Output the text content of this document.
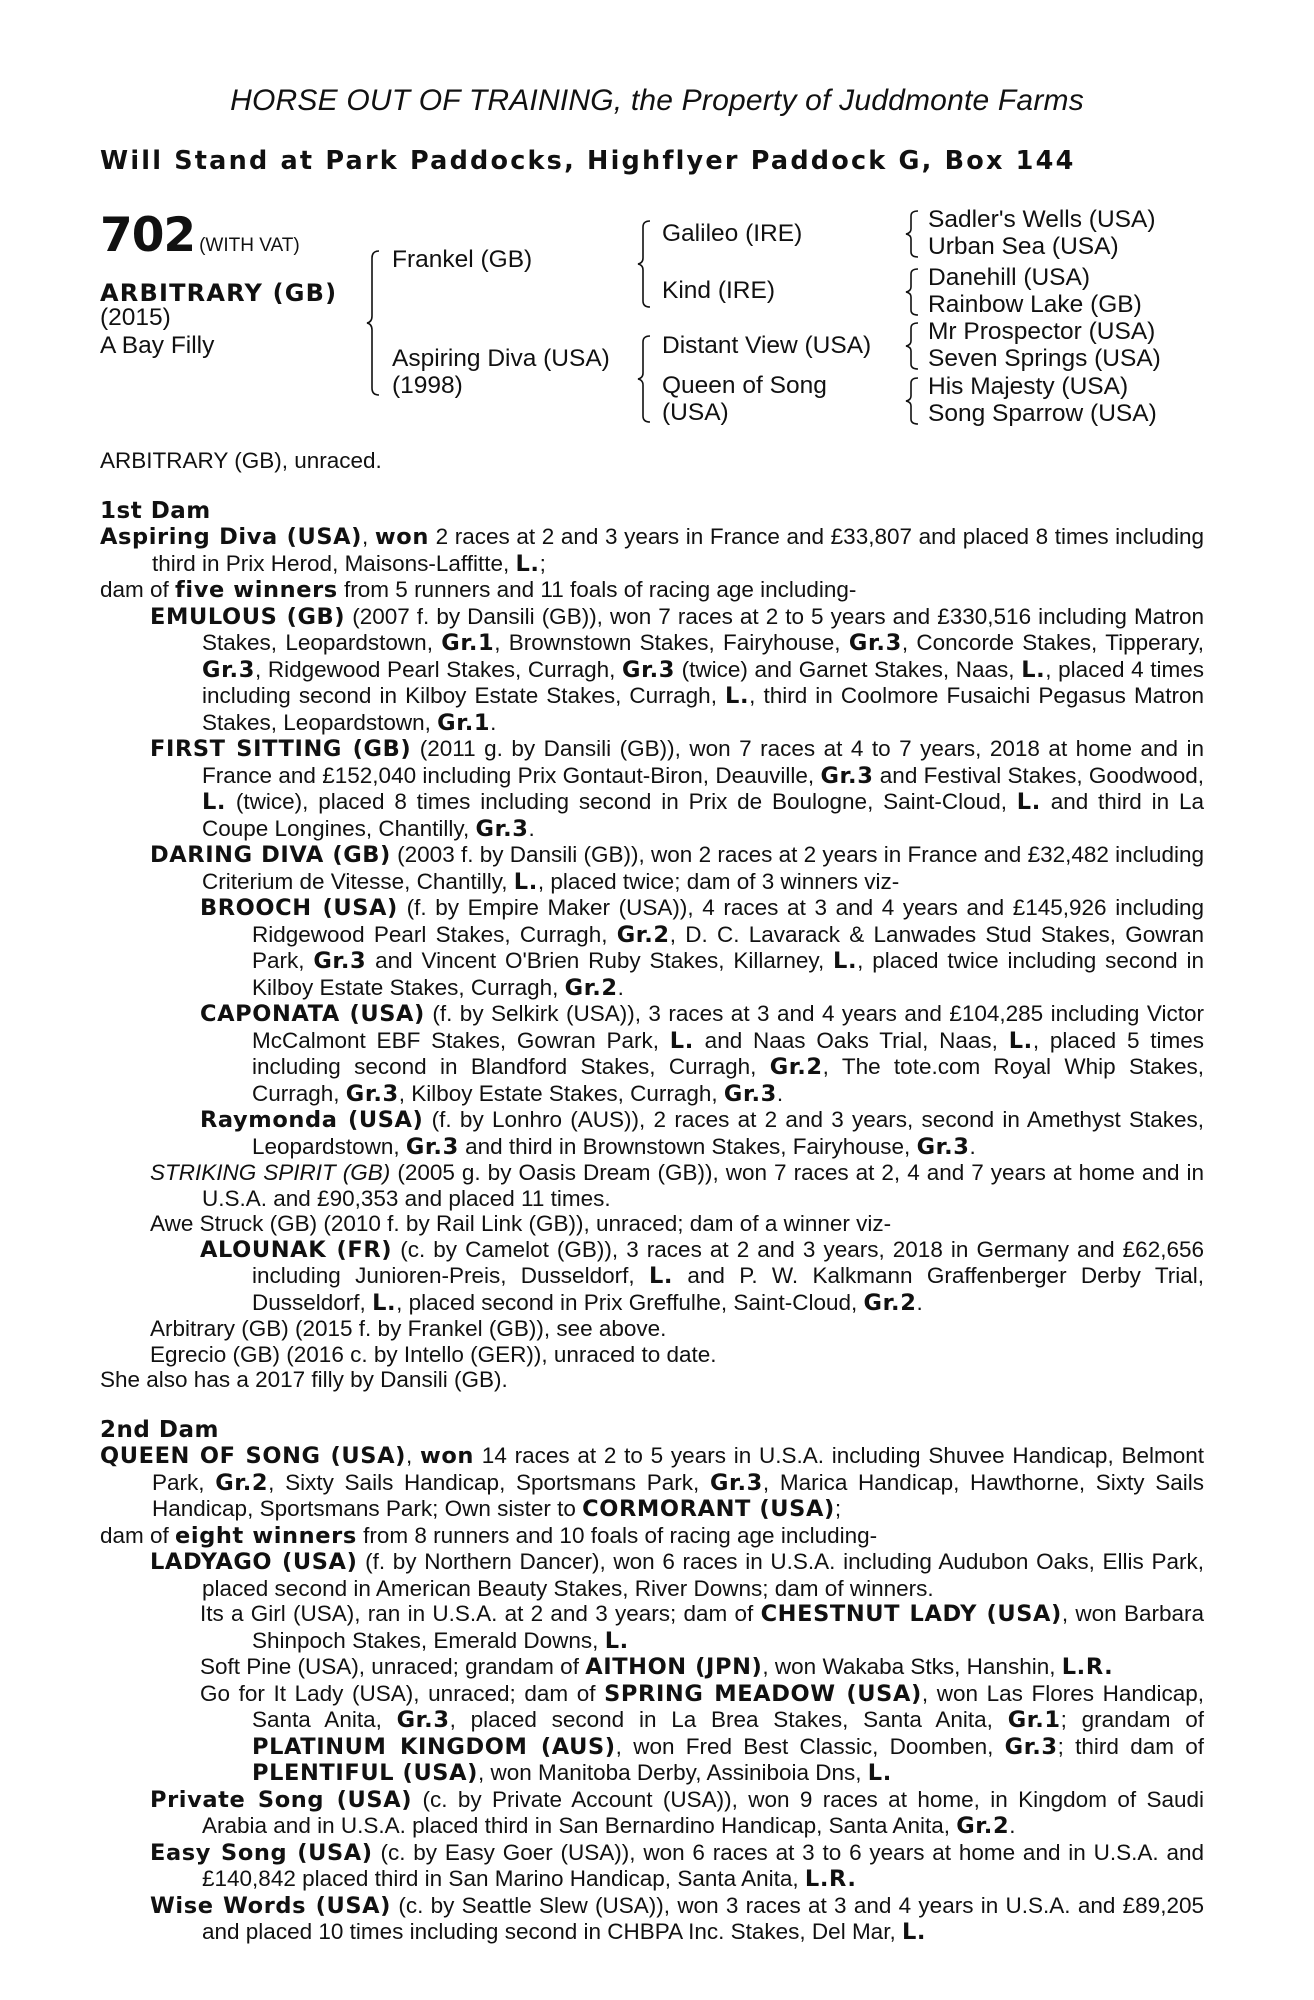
HORSE OUT OF TRAINING, the Property of Juddmonte Farms
Will Stand at Park Paddocks, Highflyer Paddock G, Box 144
702 (WITH VAT)
ARBITRARY (GB)
(2015)
A Bay Filly
Frankel (GB)
Aspiring Diva (USA)
(1998)
Galileo (IRE)
Kind (IRE)
Distant View (USA)
Queen of Song
(USA)
Sadler's Wells (USA)
Urban Sea (USA)
Danehill (USA)
Rainbow Lake (GB)
Mr Prospector (USA)
Seven Springs (USA)
His Majesty (USA)
Song Sparrow (USA)

ARBITRARY (GB), unraced.

1st Dam

Aspiring Diva (USA), won 2 races at 2 and 3 years in France and £33,807 and placed 8 times including third in Prix Herod, Maisons-Laffitte, L.;

dam of five winners from 5 runners and 11 foals of racing age including-

EMULOUS (GB) (2007 f. by Dansili (GB)), won 7 races at 2 to 5 years and £330,516 including Matron Stakes, Leopardstown, Gr.1, Brownstown Stakes, Fairyhouse, Gr.3, Concorde Stakes, Tipperary, Gr.3, Ridgewood Pearl Stakes, Curragh, Gr.3 (twice) and Garnet Stakes, Naas, L., placed 4 times including second in Kilboy Estate Stakes, Curragh, L., third in Coolmore Fusaichi Pegasus Matron Stakes, Leopardstown, Gr.1.

FIRST SITTING (GB) (2011 g. by Dansili (GB)), won 7 races at 4 to 7 years, 2018 at home and in France and £152,040 including Prix Gontaut-Biron, Deauville, Gr.3 and Festival Stakes, Goodwood, L. (twice), placed 8 times including second in Prix de Boulogne, Saint-Cloud, L. and third in La Coupe Longines, Chantilly, Gr.3.

DARING DIVA (GB) (2003 f. by Dansili (GB)), won 2 races at 2 years in France and £32,482 including Criterium de Vitesse, Chantilly, L., placed twice; dam of 3 winners viz-

BROOCH (USA) (f. by Empire Maker (USA)), 4 races at 3 and 4 years and £145,926 including Ridgewood Pearl Stakes, Curragh, Gr.2, D. C. Lavarack & Lanwades Stud Stakes, Gowran Park, Gr.3 and Vincent O'Brien Ruby Stakes, Killarney, L., placed twice including second in Kilboy Estate Stakes, Curragh, Gr.2.

CAPONATA (USA) (f. by Selkirk (USA)), 3 races at 3 and 4 years and £104,285 including Victor McCalmont EBF Stakes, Gowran Park, L. and Naas Oaks Trial, Naas, L., placed 5 times including second in Blandford Stakes, Curragh, Gr.2, The tote.com Royal Whip Stakes, Curragh, Gr.3, Kilboy Estate Stakes, Curragh, Gr.3.

Raymonda (USA) (f. by Lonhro (AUS)), 2 races at 2 and 3 years, second in Amethyst Stakes, Leopardstown, Gr.3 and third in Brownstown Stakes, Fairyhouse, Gr.3.

STRIKING SPIRIT (GB) (2005 g. by Oasis Dream (GB)), won 7 races at 2, 4 and 7 years at home and in U.S.A. and £90,353 and placed 11 times.

Awe Struck (GB) (2010 f. by Rail Link (GB)), unraced; dam of a winner viz-

ALOUNAK (FR) (c. by Camelot (GB)), 3 races at 2 and 3 years, 2018 in Germany and £62,656 including Junioren-Preis, Dusseldorf, L. and P. W. Kalkmann Graffenberger Derby Trial, Dusseldorf, L., placed second in Prix Greffulhe, Saint-Cloud, Gr.2.

Arbitrary (GB) (2015 f. by Frankel (GB)), see above.

Egrecio (GB) (2016 c. by Intello (GER)), unraced to date.

She also has a 2017 filly by Dansili (GB).

2nd Dam

QUEEN OF SONG (USA), won 14 races at 2 to 5 years in U.S.A. including Shuvee Handicap, Belmont Park, Gr.2, Sixty Sails Handicap, Sportsmans Park, Gr.3, Marica Handicap, Hawthorne, Sixty Sails Handicap, Sportsmans Park; Own sister to CORMORANT (USA);

dam of eight winners from 8 runners and 10 foals of racing age including-

LADYAGO (USA) (f. by Northern Dancer), won 6 races in U.S.A. including Audubon Oaks, Ellis Park, placed second in American Beauty Stakes, River Downs; dam of winners.

Its a Girl (USA), ran in U.S.A. at 2 and 3 years; dam of CHESTNUT LADY (USA), won Barbara Shinpoch Stakes, Emerald Downs, L.

Soft Pine (USA), unraced; grandam of AITHON (JPN), won Wakaba Stks, Hanshin, L.R.

Go for It Lady (USA), unraced; dam of SPRING MEADOW (USA), won Las Flores Handicap, Santa Anita, Gr.3, placed second in La Brea Stakes, Santa Anita, Gr.1; grandam of PLATINUM KINGDOM (AUS), won Fred Best Classic, Doomben, Gr.3; third dam of PLENTIFUL (USA), won Manitoba Derby, Assiniboia Dns, L.

Private Song (USA) (c. by Private Account (USA)), won 9 races at home, in Kingdom of Saudi Arabia and in U.S.A. placed third in San Bernardino Handicap, Santa Anita, Gr.2.

Easy Song (USA) (c. by Easy Goer (USA)), won 6 races at 3 to 6 years at home and in U.S.A. and £140,842 placed third in San Marino Handicap, Santa Anita, L.R.

Wise Words (USA) (c. by Seattle Slew (USA)), won 3 races at 3 and 4 years in U.S.A. and £89,205 and placed 10 times including second in CHBPA Inc. Stakes, Del Mar, L.
